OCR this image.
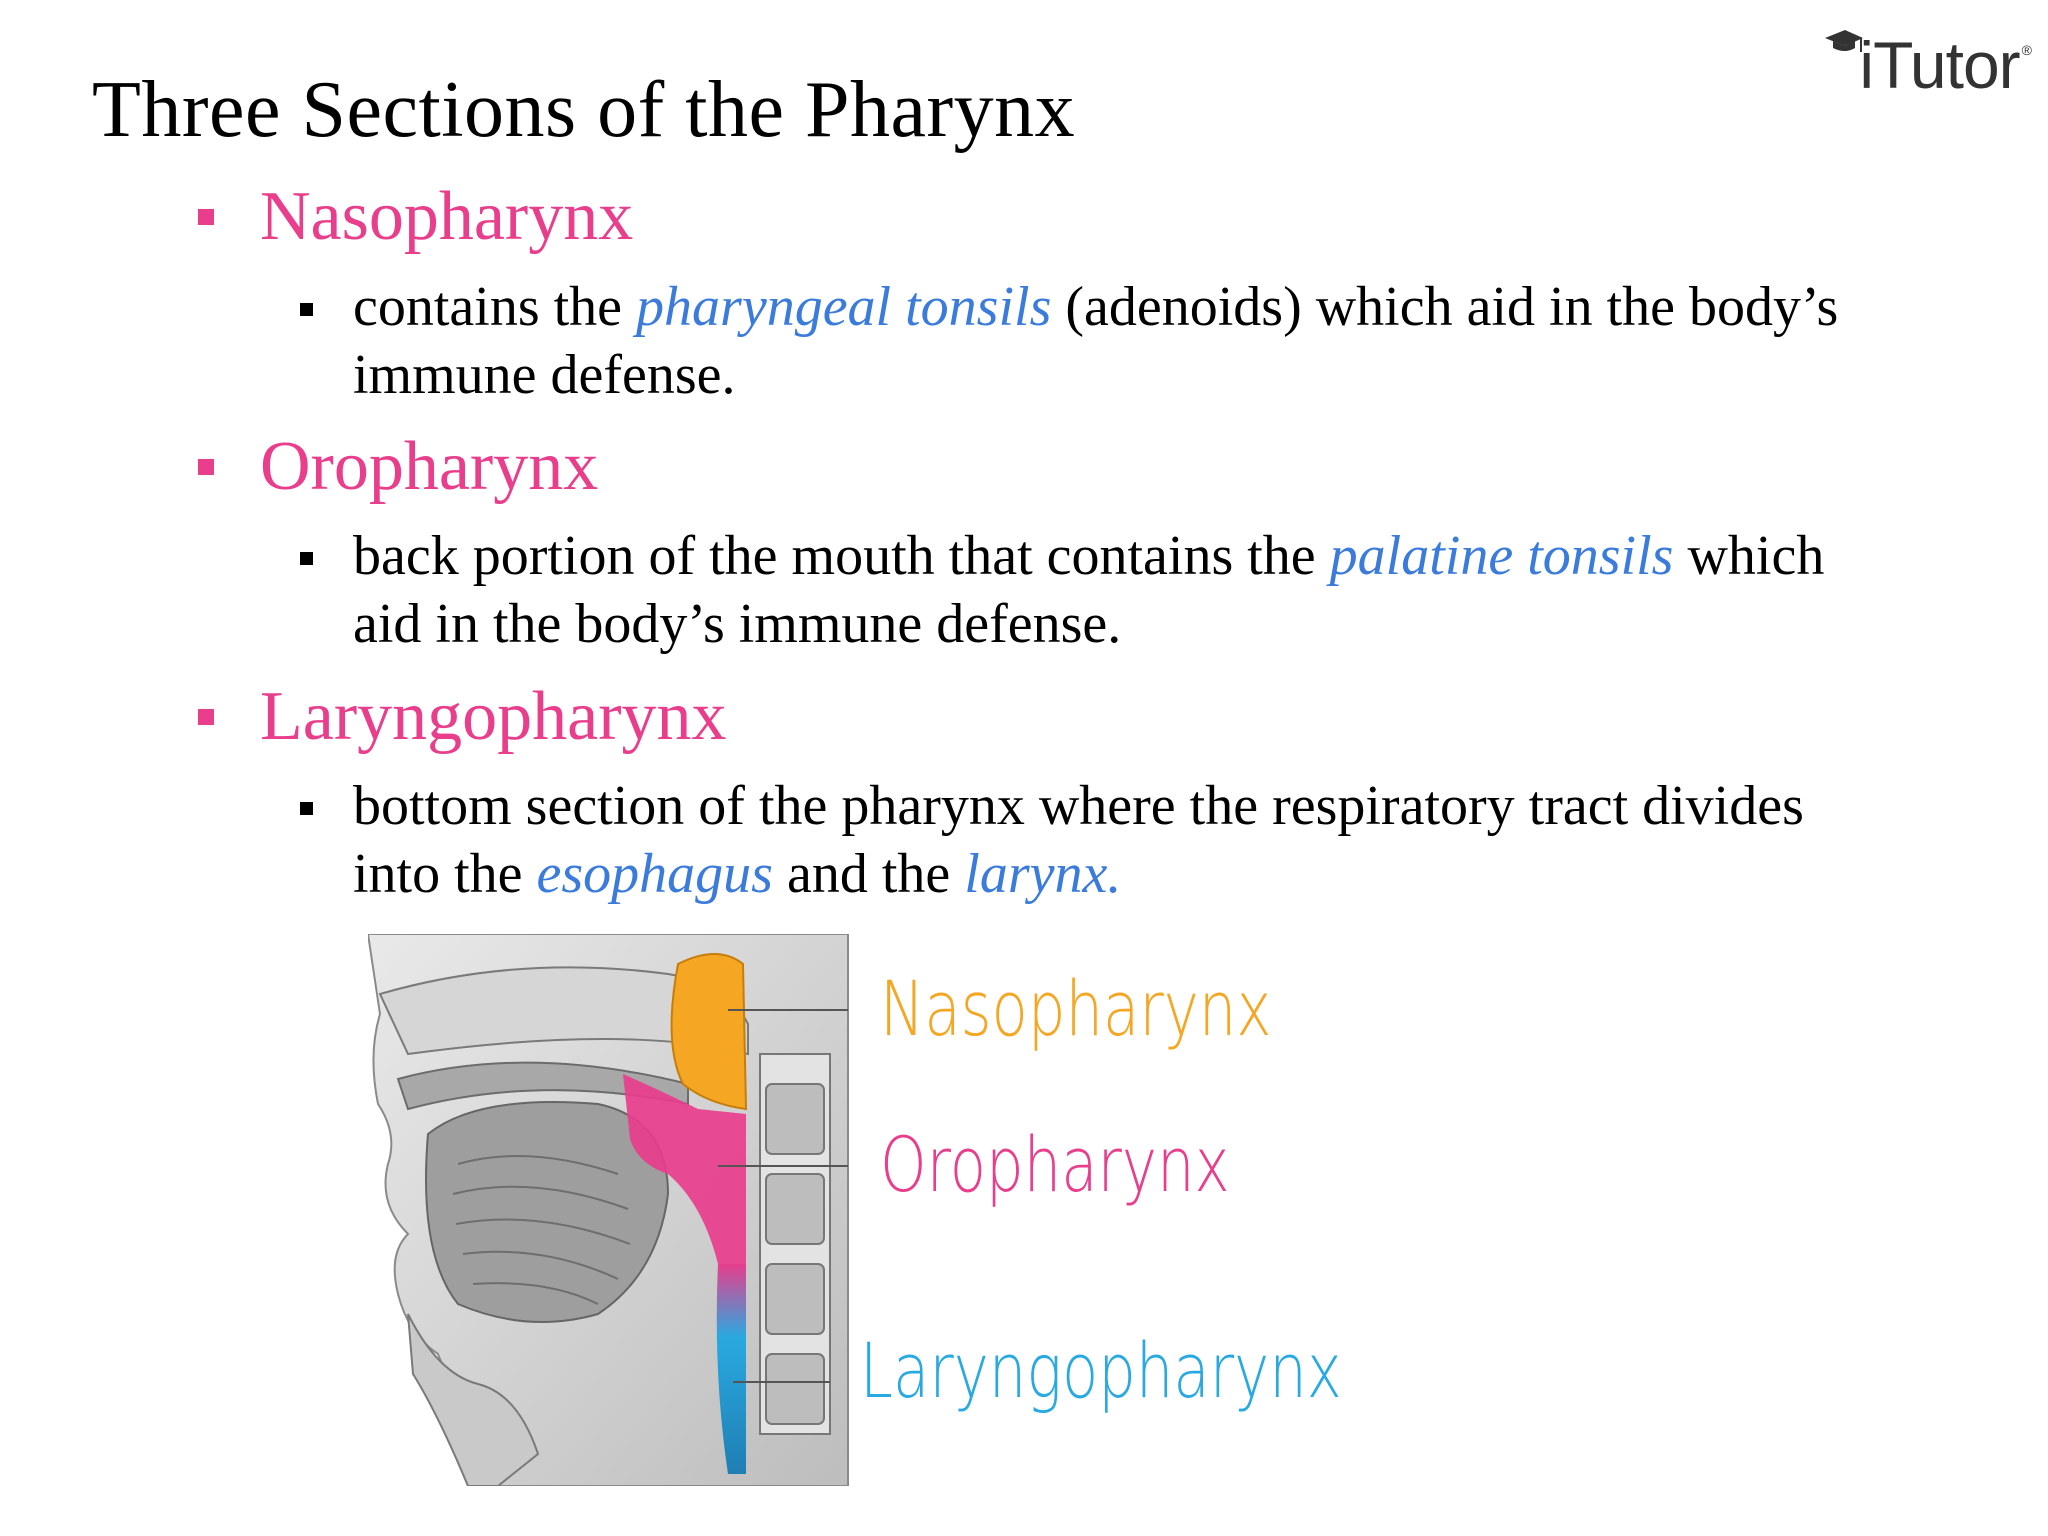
Three Sections of the Pharynx
iTutor ®
Nasopharynx
contains the pharyngeal tonsils (adenoids) which aid in the body’s immune defense.
Oropharynx
back portion of the mouth that contains the palatine tonsils which aid in the body’s immune defense.
Laryngopharynx
bottom section of the pharynx where the respiratory tract divides into the esophagus and the larynx.
Nasopharynx
Oropharynx
Laryngopharynx
